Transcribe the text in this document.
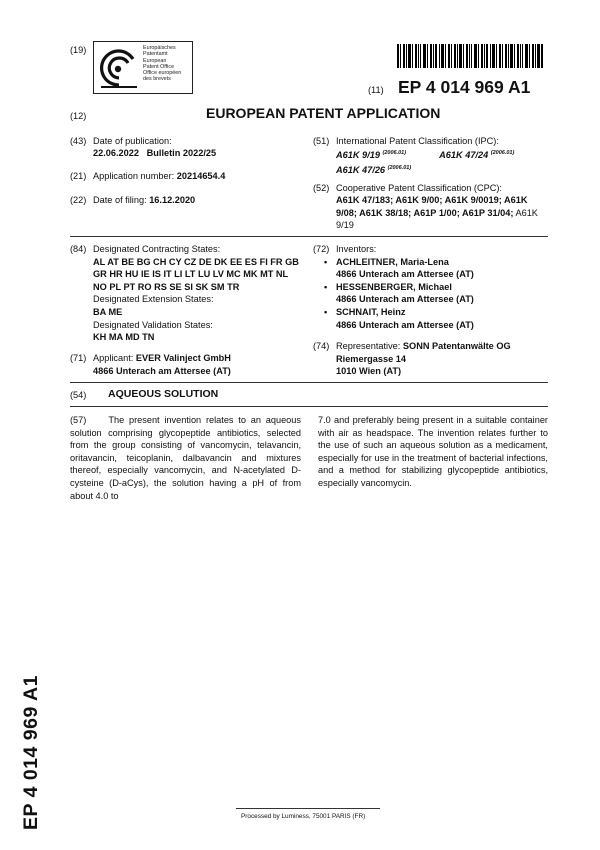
(19)	Europäisches
Patentamt
European
Patent Office
Office européen
des brevets
(11) EP 4 014 969 A1
(12)	EUROPEAN PATENT APPLICATION
(43) Date of publication:
22.06.2022   Bulletin 2022/25
(21) Application number: 20214654.4
(22) Date of filing: 16.12.2020
(51) International Patent Classification (IPC):
A61K 9/19 $^{(2006.01)}$	A61K 47/24 $^{(2006.01)}$
A61K 47/26 $^{(2006.01)}$
(52) Cooperative Patent Classification (CPC):
A61K 47/183; A61K 9/00; A61K 9/0019; A61K 9/08; A61K 38/18; A61P 1/00; A61P 31/04; A61K 9/19
(84) Designated Contracting States:
AL AT BE BG CH CY CZ DE DK EE ES FI FR GB GR HR HU IE IS IT LI LT LU LV MC MK MT NL NO PL PT RO RS SE SI SK SM TR
Designated Extension States:
BA ME
Designated Validation States:
KH MA MD TN
(71) Applicant: EVER Valinject GmbH
4866 Unterach am Attersee (AT)
(72) Inventors:
• ACHLEITNER, Maria-Lena
4866 Unterach am Attersee (AT)
• HESSENBERGER, Michael
4866 Unterach am Attersee (AT)
• SCHNAIT, Heinz
4866 Unterach am Attersee (AT)
(74) Representative: SONN Patentanwälte OG
Riemergasse 14
1010 Wien (AT)
(54) AQUEOUS SOLUTION
(57) The present invention relates to an aqueous solution comprising glycopeptide antibiotics, selected from the group consisting of vancomycin, telavancin, oritavancin, teicoplanin, dalbavancin and mixtures thereof, especially vancomycin, and N-acetylated D-cysteine (D-aCys), the solution having a pH of from about 4.0 to
7.0 and preferably being present in a suitable container with air as headspace. The invention relates further to the use of such an aqueous solution as a medicament, especially for use in the treatment of bacterial infections, and a method for stabilizing glycopeptide antibiotics, especially vancomycin.
EP 4 014 969 A1	Processed by Luminess, 75001 PARIS (FR)
